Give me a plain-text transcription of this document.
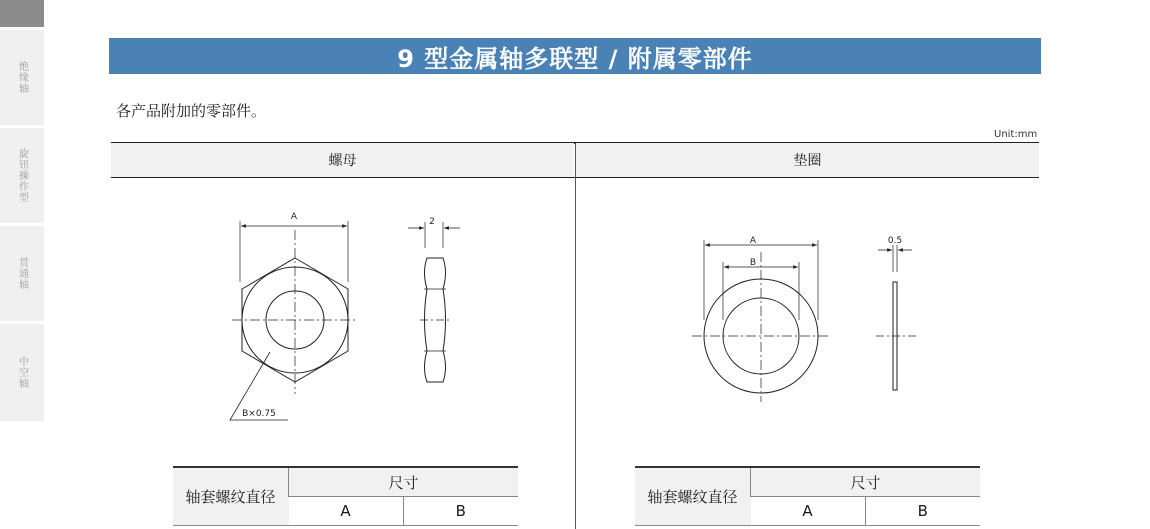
绝缘轴
旋钮操作型
贯通轴
中空轴
9 型金属轴多联型 / 附属零部件
各产品附加的零部件。
Unit:mm
螺母	垫圈
A
B×0.75
2
A
B
0.5
轴套螺纹直径	尺寸	
	A	B
轴套螺纹直径	尺寸	
	A	B
